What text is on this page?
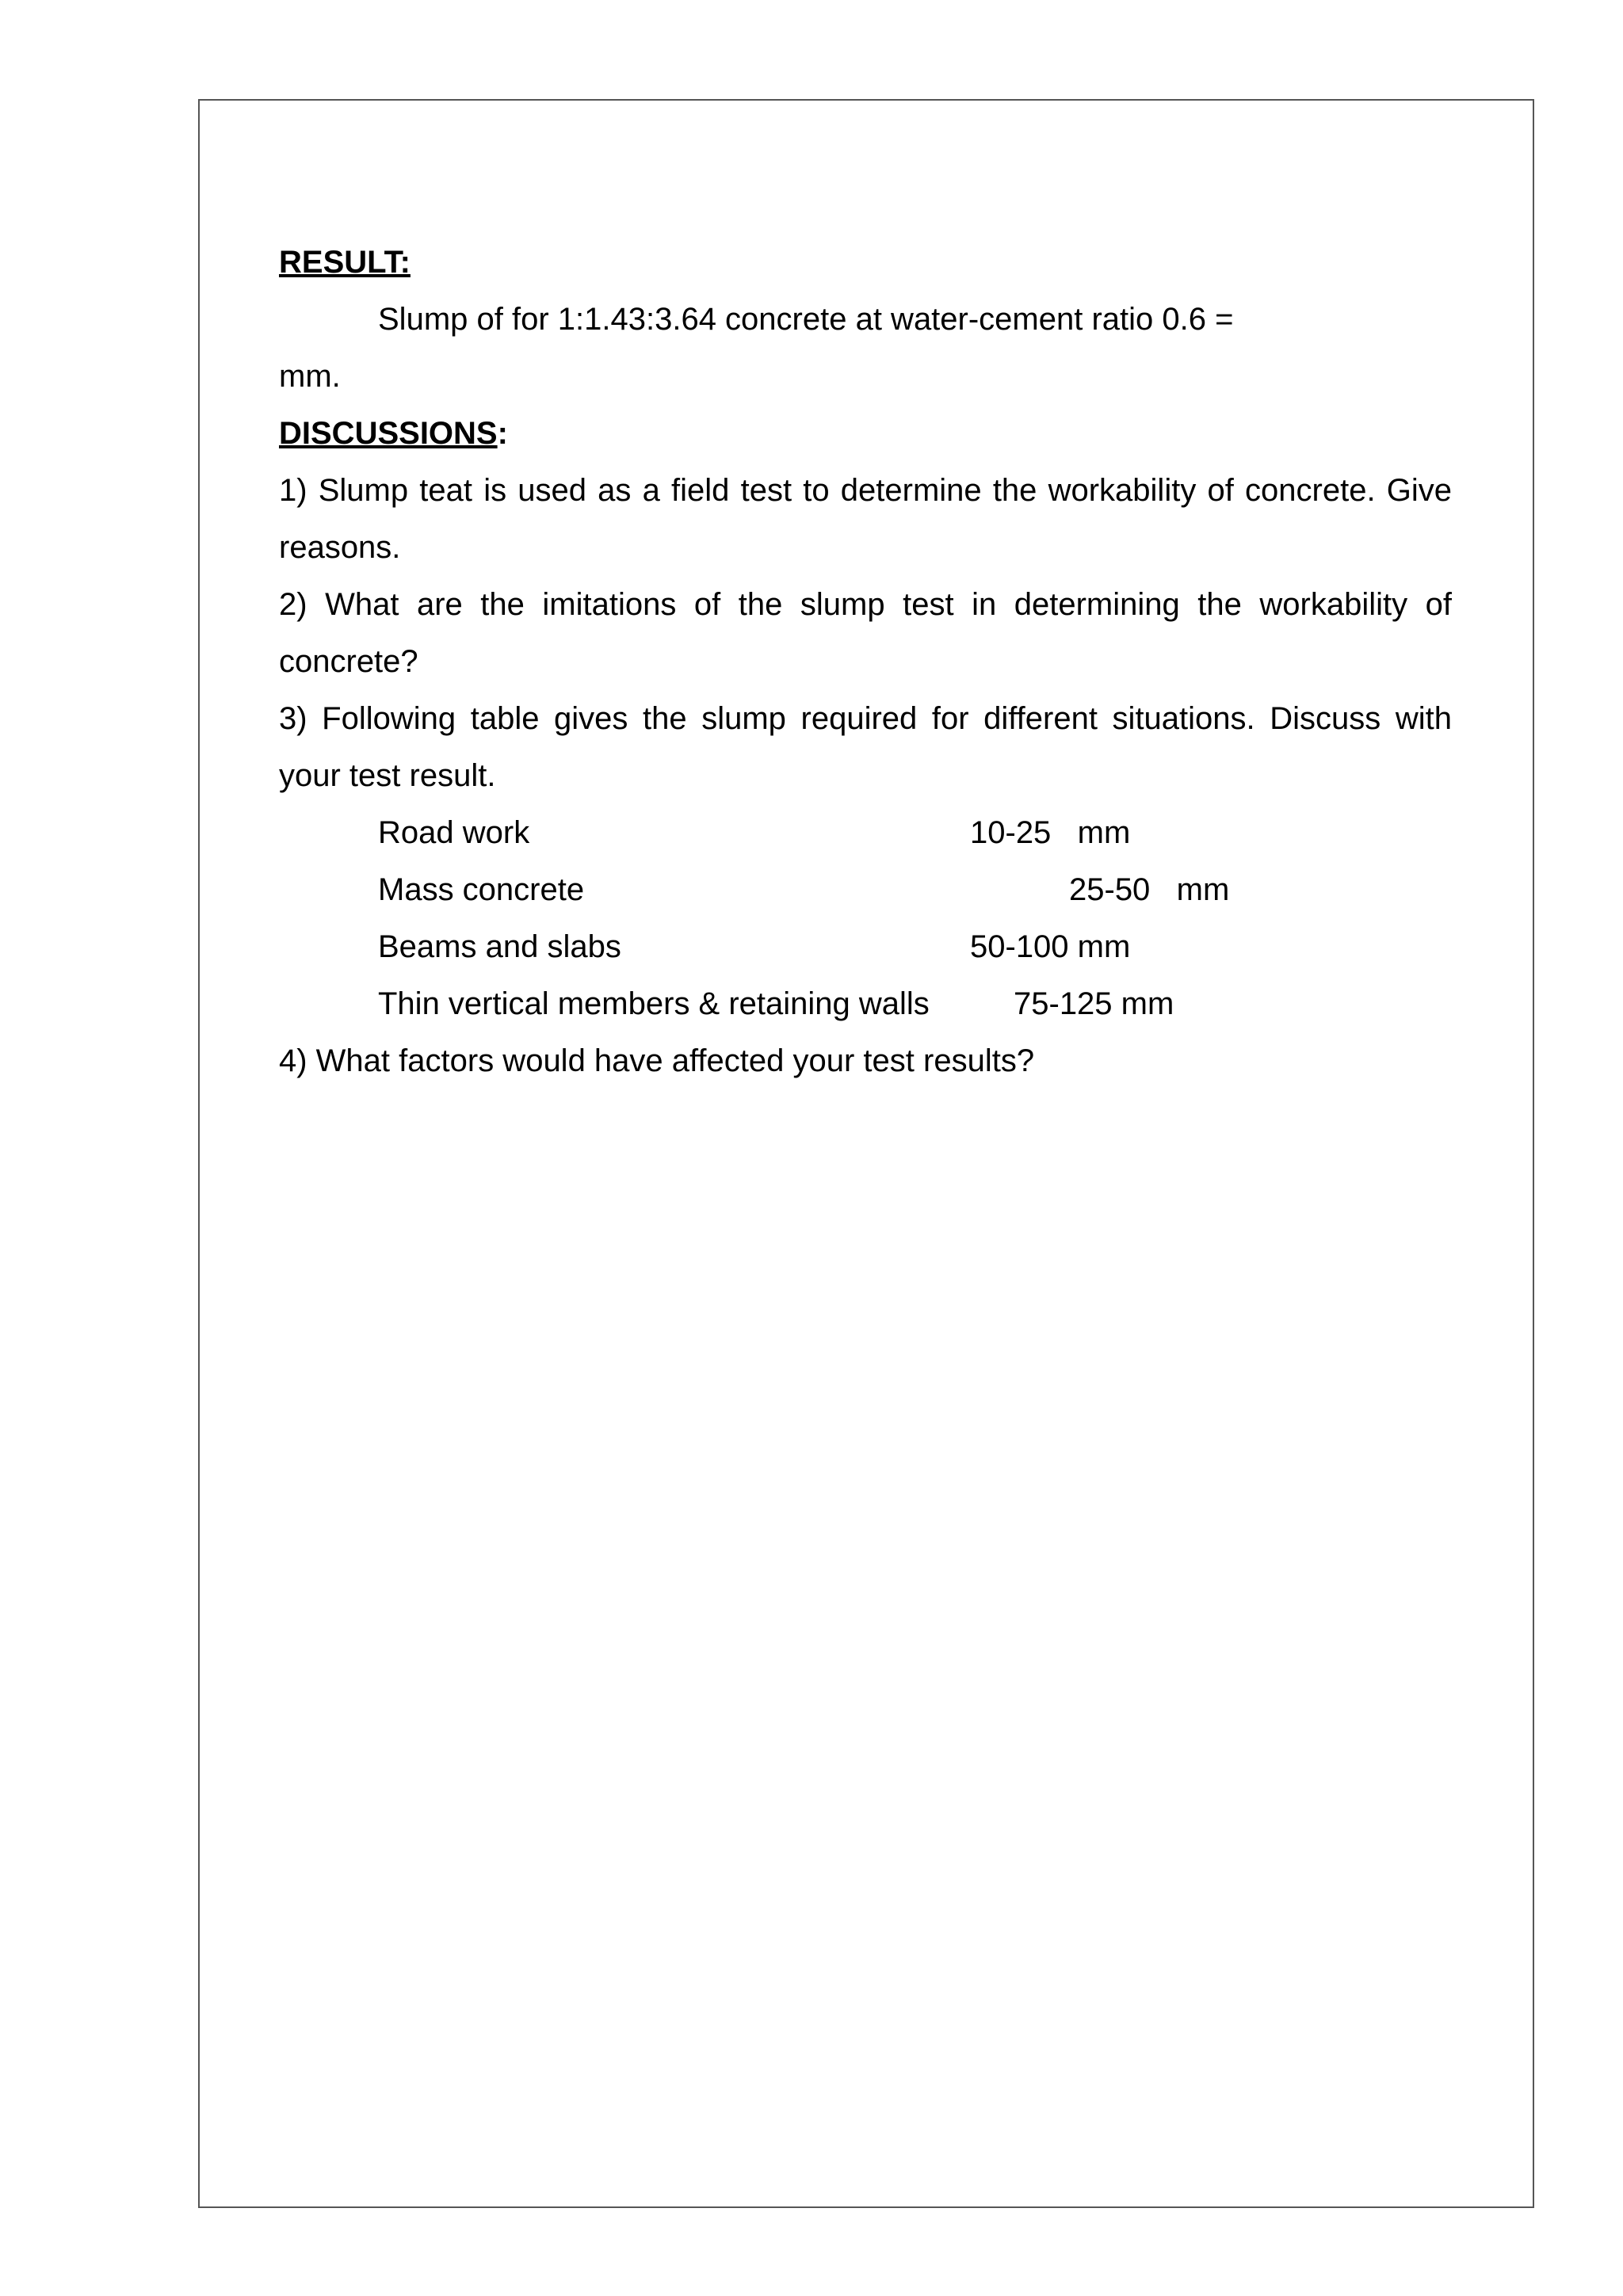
RESULT:
Slump of for 1:1.43:3.64 concrete at water-cement ratio 0.6 =
mm.
DISCUSSIONS:
1) Slump teat is used as a field test to determine the workability of concrete. Give reasons.
2) What are the imitations of the slump test in determining the workability of concrete?
3) Following table gives the slump required for different situations. Discuss with your test result.
Road work	10-25   mm
Mass concrete	25-50   mm
Beams and slabs	50-100 mm
Thin vertical members & retaining walls	75-125 mm
4) What factors would have affected your test results?
